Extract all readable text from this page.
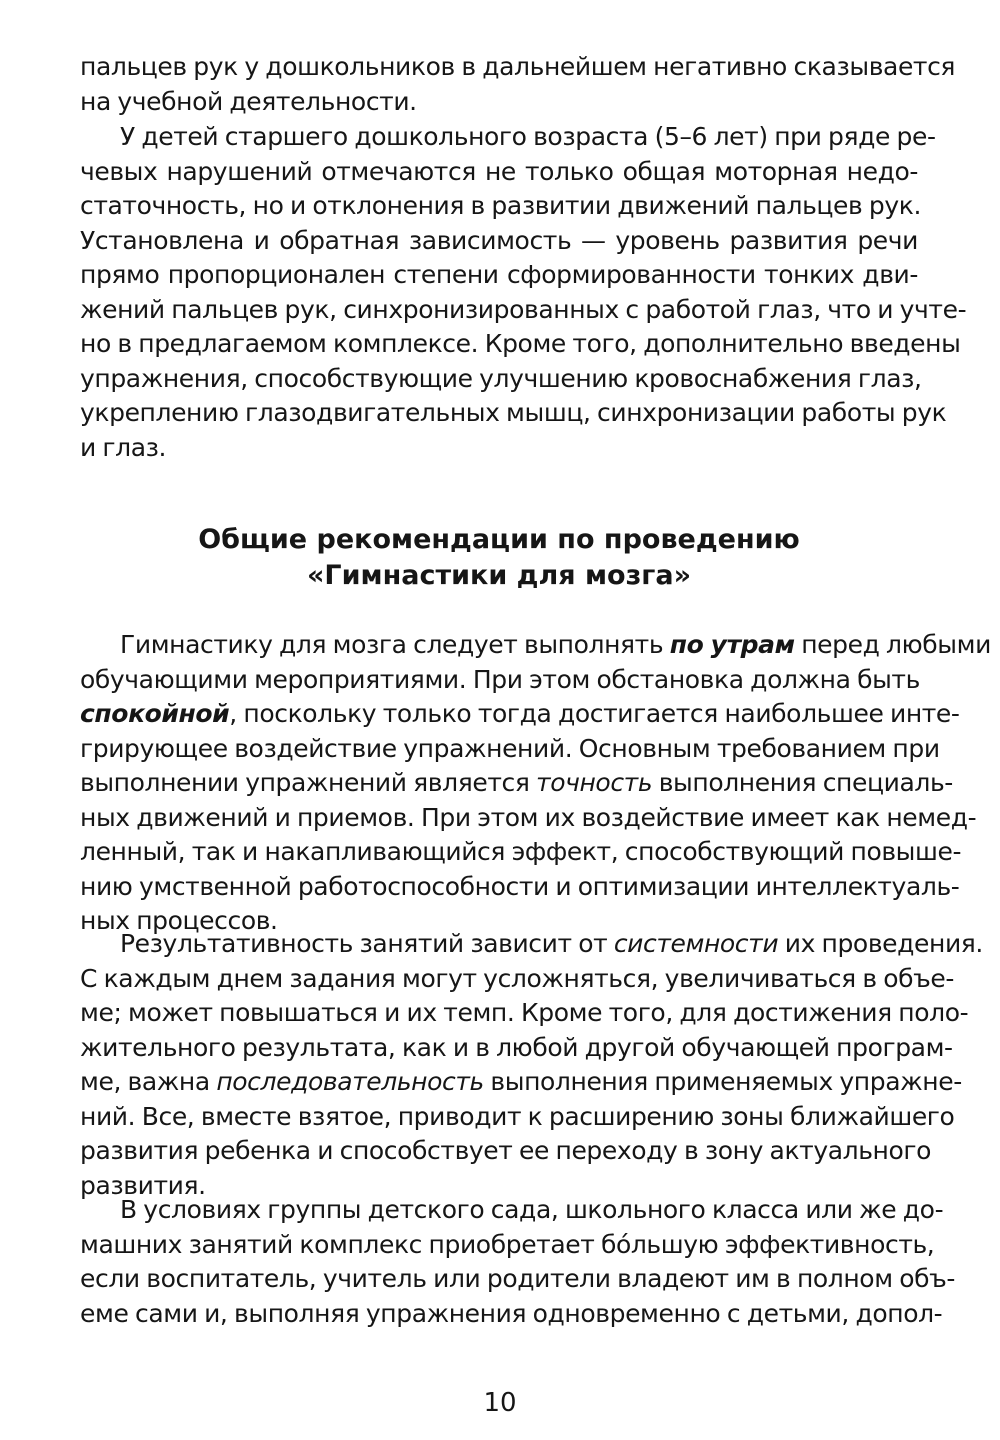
пальцев рук у дошкольников в дальнейшем негативно сказывается
на учебной деятельности.

У детей старшего дошкольного возраста (5–6 лет) при ряде ре-
чевых нарушений отмечаются не только общая моторная недо-
статочность, но и отклонения в развитии движений пальцев рук.
Установлена и обратная зависимость — уровень развития речи
прямо пропорционален степени сформированности тонких дви-
жений пальцев рук, синхронизированных с работой глаз, что и учте-
но в предлагаемом комплексе. Кроме того, дополнительно введены
упражнения, способствующие улучшению кровоснабжения глаз,
укреплению глазодвигательных мышц, синхронизации работы рук
и глаз.

Общие рекомендации по проведению
«Гимнастики для мозга»

Гимнастику для мозга следует выполнять по утрам перед любыми
обучающими мероприятиями. При этом обстановка должна быть
спокойной, поскольку только тогда достигается наибольшее инте-
грирующее воздействие упражнений. Основным требованием при
выполнении упражнений является точность выполнения специаль-
ных движений и приемов. При этом их воздействие имеет как немед-
ленный, так и накапливающийся эффект, способствующий повыше-
нию умственной работоспособности и оптимизации интеллектуаль-
ных процессов.

Результативность занятий зависит от системности их проведения.
С каждым днем задания могут усложняться, увеличиваться в объе-
ме; может повышаться и их темп. Кроме того, для достижения поло-
жительного результата, как и в любой другой обучающей програм-
ме, важна последовательность выполнения применяемых упражне-
ний. Все, вместе взятое, приводит к расширению зоны ближайшего
развития ребенка и способствует ее переходу в зону актуального
развития.

В условиях группы детского сада, школьного класса или же до-
машних занятий комплекс приобретает бóльшую эффективность,
если воспитатель, учитель или родители владеют им в полном объ-
еме сами и, выполняя упражнения одновременно с детьми, допол-

10
